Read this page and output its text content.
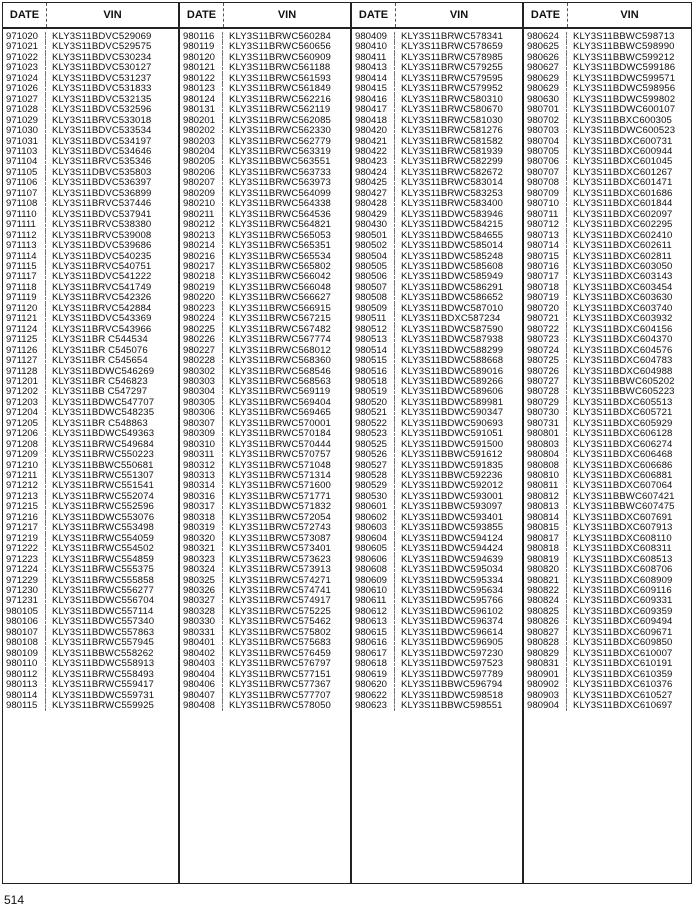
DATE	VIN
971020	KLY3S11BDVC529069
971021	KLY3S11BDVC529575
971022	KLY3S11BDVC530234
971023	KLY3S11BDVC530127
971024	KLY3S11BDVC531237
971026	KLY3S11BDVC531833
971027	KLY3S11BDVC532135
971028	KLY3S11BDVC532596
971029	KLY3S11BRVC533018
971030	KLY3S11BDVC533534
971031	KLY3S11BDVC534197
971103	KLY3S11BDVC534646
971104	KLY3S11BRVC535346
971105	KLY3S11DBVC535803
971106	KLY3S11BDVC536397
971107	KLY3S11BDVC536899
971108	KLY3S11BRVC537446
971110	KLY3S11BDVC537941
971111	KLY3S11BRVC538380
971112	KLY3S11BRVC539008
971113	KLY3S11BDVC539686
971114	KLY3S11BDVC540235
971115	KLY3S11BRVC540751
971117	KLY3S11BDVC541222
971118	KLY3S11BRVC541749
971119	KLY3S11BRVC542326
971120	KLY3S11BRVC542884
971121	KLY3S11BDVC543369
971124	KLY3S11BRVC543966
971125	KLY3S11BR C544534
971126	KLY3S11BR C545076
971127	KLY3S11BR C545654
971128	KLY3S11BDWC546269
971201	KLY3S11BR C546823
971202	KLY3S11BB C547297
971203	KLY3S11BDWC547707
971204	KLY3S11BDWC548235
971205	KLY3S11BR C548863
971206	KLY3S11BDWC549363
971208	KLY3S11BRWC549684
971209	KLY3S11BRWC550223
971210	KLY3S11BBWC550681
971211	KLY3S11BRWC551307
971212	KLY3S11BRWC551541
971213	KLY3S11BRWC552074
971215	KLY3S11BRWC552596
971216	KLY3S11BDWC553076
971217	KLY3S11BRWC553498
971219	KLY3S11BRWC554059
971222	KLY3S11BRWC554502
971223	KLY3S11BRWC554859
971224	KLY3S11BRWC555375
971229	KLY3S11BRWC555858
971230	KLY3S11BRWC556277
971231	KLY3S11BDWC556704
980105	KLY3S11BDWC557114
980106	KLY3S11BDWC557340
980107	KLY3S11BDWC557863
980108	KLY3S11BRWC557945
980109	KLY3S11BBWC558262
980110	KLY3S11BDWC558913
980112	KLY3S11BRWC558493
980113	KLY3S11BRWC559417
980114	KLY3S11BDWC559731
980115	KLY3S11BRWC559925
DATE	VIN
980116	KLY3S11BRWC560284
980119	KLY3S11BRWC560656
980120	KLY3S11BRWC560909
980121	KLY3S11BRWC561188
980122	KLY3S11BRWC561593
980123	KLY3S11BRWC561849
980124	KLY3S11BRWC562216
980131	KLY3S11BRWC562119
980201	KLY3S11BRWC562085
980202	KLY3S11BRWC562330
980203	KLY3S11BRWC562779
980204	KLY3S11BRWC563319
980205	KLY3S11BBWC563551
980206	KLY3S11BRWC563733
980207	KLY3S11BRWC563973
980209	KLY3S11BRWC564099
980210	KLY3S11BRWC564338
980211	KLY3S11BRWC564536
980212	KLY3S11BRWC564821
980213	KLY3S11BRWC565053
980214	KLY3S11BRWC565351
980216	KLY3S11BRWC565534
980217	KLY3S11BRWC565802
980218	KLY3S11BRWC566042
980219	KLY3S11BRWC566048
980220	KLY3S11BRWC566627
980223	KLY3S11BRWC566915
980224	KLY3S11BRWC567215
980225	KLY3S11BRWC567482
980226	KLY3S11BRWC567774
980227	KLY3S11BRWC568012
980228	KLY3S11BRWC568360
980302	KLY3S11BRWC568546
980303	KLY3S11BRWC568563
980304	KLY3S11BRWC569119
980305	KLY3S11BRWC569404
980306	KLY3S11BRWC569465
980307	KLY3S11BRWC570001
980309	KLY3S11BRWC570184
980310	KLY3S11BRWC570444
980311	KLY3S11BRWC570757
980312	KLY3S11BRWC571048
980313	KLY3S11BRWC571314
980314	KLY3S11BRWC571600
980316	KLY3S11BRWC571771
980317	KLY3S11BDWC571832
980318	KLY3S11BRWC572054
980319	KLY3S11BRWC572743
980320	KLY3S11BRWC573087
980321	KLY3S11BRWC573401
980323	KLY3S11BRWC573623
980324	KLY3S11BRWC573913
980325	KLY3S11BRWC574271
980326	KLY3S11BRWC574741
980327	KLY3S11BRWC574917
980328	KLY3S11BRWC575225
980330	KLY3S11BRWC575462
980331	KLY3S11BRWC575802
980401	KLY3S11BRWC575683
980402	KLY3S11BRWC576459
980403	KLY3S11BRWC576797
980404	KLY3S11BRWC577151
980406	KLY3S11BRWC577367
980407	KLY3S11BRWC577707
980408	KLY3S11BRWC578050
DATE	VIN
980409	KLY3S11BRWC578341
980410	KLY3S11BRWC578659
980411	KLY3S11BRWC578985
980413	KLY3S11BRWC579255
980414	KLY3S11BRWC579595
980415	KLY3S11BRWC579952
980416	KLY3S11BRWC580310
980417	KLY3S11BRWC580670
980418	KLY3S11BRWC581030
980420	KLY3S11BRWC581276
980421	KLY3S11BRWC581582
980422	KLY3S11BRWC581939
980423	KLY3S11BRWC582299
980424	KLY3S11BRWC582672
980425	KLY3S11BRWC583014
980427	KLY3S11BRWC583253
980428	KLY3S11BRWC583400
980429	KLY3S11BDWC583946
980430	KLY3S11BDWC584215
980501	KLY3S11BDWC584655
980502	KLY3S11BDWC585014
980504	KLY3S11BDWC585248
980505	KLY3S11BDWC585608
980506	KLY3S11BDWC585949
980507	KLY3S11BDWC586291
980508	KLY3S11BDWC586652
980509	KLY3S11BDWC587010
980511	KLY3S11BDXC587234
980512	KLY3S11BDWC587590
980513	KLY3S11BDWC587938
980514	KLY3S11BDWC588299
980515	KLY3S11BDWC588668
980516	KLY3S11BDWC589016
980518	KLY3S11BDWC589266
980519	KLY3S11BDWC589606
980520	KLY3S11BDWC589981
980521	KLY3S11BDWC590347
980522	KLY3S11BDWC590693
980523	KLY3S11BDWC591051
980525	KLY3S11BDWC591500
980526	KLY3S11BBWC591612
980527	KLY3S11BDWC591835
980528	KLY3S11BBWC592236
980529	KLY3S11BDWC592012
980530	KLY3S11BDWC593001
980601	KLY3S11BBWC593097
980602	KLY3S11BDWC593401
980603	KLY3S11BDWC593855
980604	KLY3S11BDWC594124
980605	KLY3S11BDWC594424
980606	KLY3S11BDWC594639
980608	KLY3S11BDWC595034
980609	KLY3S11BDWC595334
980610	KLY3S11BDWC595634
980611	KLY3S11BDWC595766
980612	KLY3S11BDWC596102
980613	KLY3S11BDWC596374
980615	KLY3S11BDWC596614
980616	KLY3S11BDWC596905
980617	KLY3S11BDWC597230
980618	KLY3S11BDWC597523
980619	KLY3S11BDWC597789
980620	KLY3S11BBWC596794
980622	KLY3S11BDWC598518
980623	KLY3S11BBWC598551
DATE	VIN
980624	KLY3S11BBWC598713
980625	KLY3S11BBWC598990
980626	KLY3S11BBWC599212
980627	KLY3S11BDWC599186
980629	KLY3S11BDWC599571
980629	KLY3S11BDWC598956
980630	KLY3S11BDWC599802
980701	KLY3S11BDWC600107
980702	KLY3S11BBXC600305
980703	KLY3S11BDWC600523
980704	KLY3S11BDXC600731
980705	KLY3S11BDXC600944
980706	KLY3S11BDXC601045
980707	KLY3S11BDXC601267
980708	KLY3S11BDXC601471
980709	KLY3S11BDXC601686
980710	KLY3S11BDXC601844
980711	KLY3S11BDXC602097
980712	KLY3S11BDXC602295
980713	KLY3S11BDXC602410
980714	KLY3S11BDXC602611
980715	KLY3S11BDXC602811
980716	KLY3S11BDXC603050
980717	KLY3S11BDXC603143
980718	KLY3S11BDXC603454
980719	KLY3S11BDXC603630
980720	KLY3S11BDXC603740
980721	KLY3S11BDXC603932
980722	KLY3S11BDXC604156
980723	KLY3S11BDXC604370
980724	KLY3S11BDXC604576
980725	KLY3S11BDXC604783
980726	KLY3S11BDXC604988
980727	KLY3S11BBWC605202
980728	KLY3S11BBWC605223
980729	KLY3S11BDXC605513
980730	KLY3S11BDXC605721
980731	KLY3S11BDXC605929
980801	KLY3S11BDXC606128
980803	KLY3S11BDXC606274
980804	KLY3S11BDXC606468
980808	KLY3S11BDXC606686
980810	KLY3S11BDXC606881
980811	KLY3S11BDXC607064
980812	KLY3S11BBWC607421
980813	KLY3S11BBWC607475
980814	KLY3S11BDXC607691
980815	KLY3S11BDXC607913
980817	KLY3S11BDXC608110
980818	KLY3S11BDXC608311
980819	KLY3S11BDXC608513
980820	KLY3S11BDXC608706
980821	KLY3S11BDXC608909
980822	KLY3S11BDXC609116
980824	KLY3S11BDXC609331
980825	KLY3S11BDXC609359
980826	KLY3S11BDXC609494
980827	KLY3S11BDXC609671
980828	KLY3S11BDXC609850
980829	KLY3S11BDXC610007
980831	KLY3S11BDXC610191
980901	KLY3S11BDXC610359
980902	KLY3S11BDXC610376
980903	KLY3S11BDXC610527
980904	KLY3S11BDXC610697
514
